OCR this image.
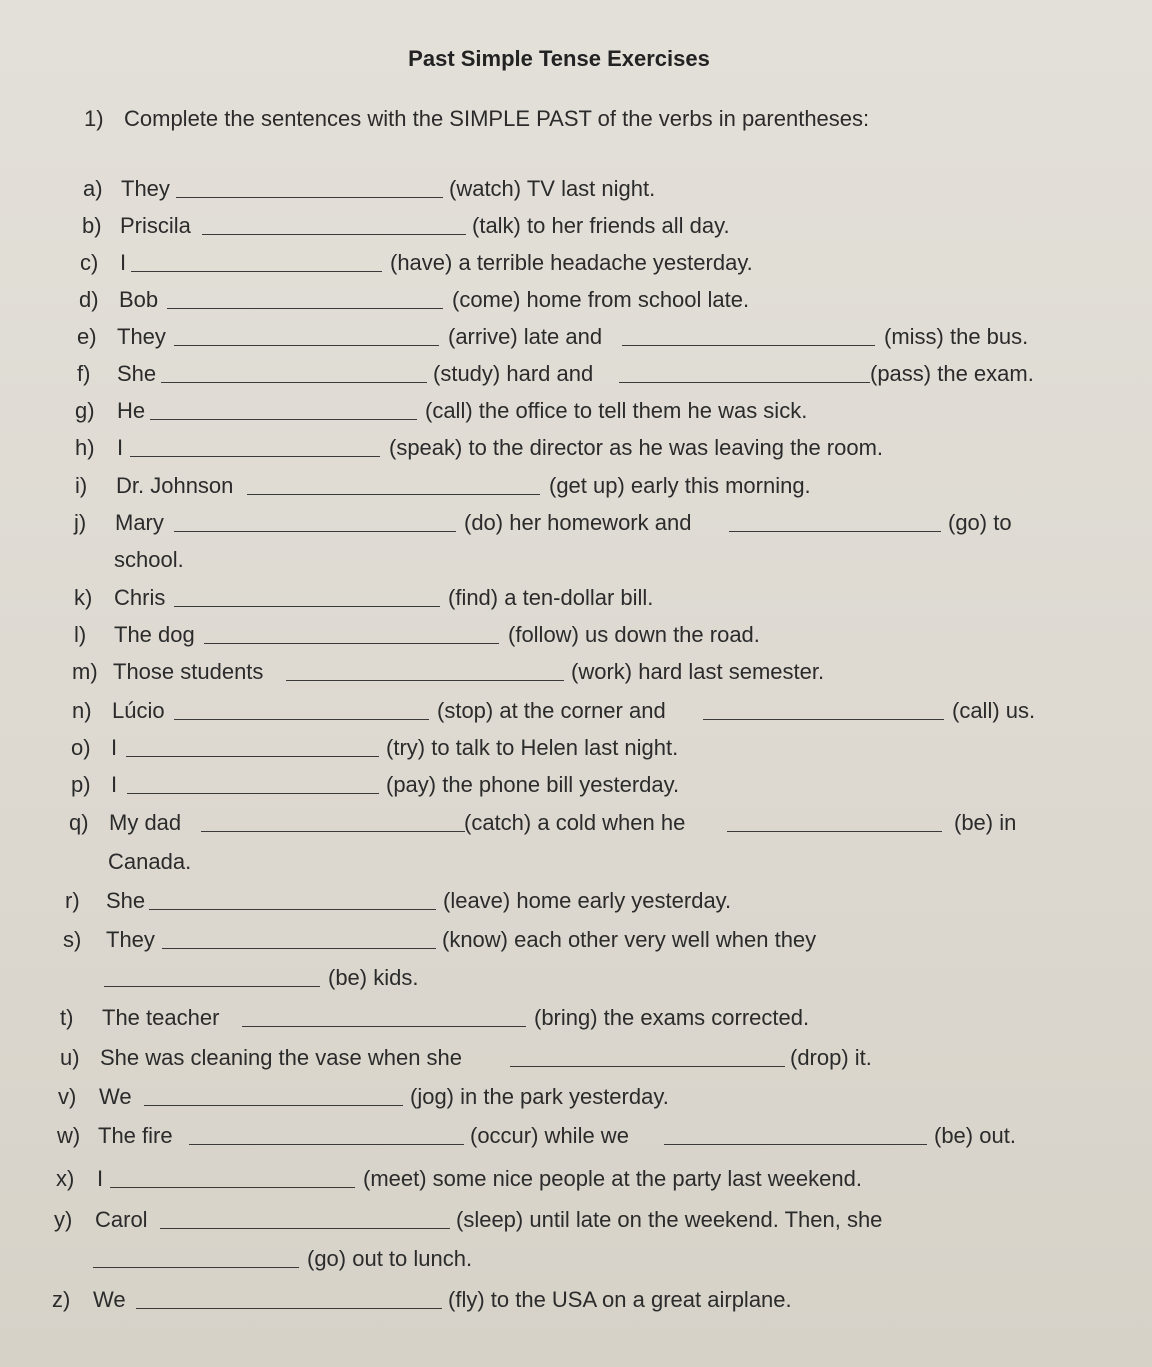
Past Simple Tense Exercises
1) Complete the sentences with the SIMPLE PAST of the verbs in parentheses:
a) They	(watch) TV last night.
b) Priscila	(talk) to her friends all day.
c) I	(have) a terrible headache yesterday.
d) Bob	(come) home from school late.
e) They	(arrive) late and	(miss) the bus.
f) She	(study) hard and	(pass) the exam.
g) He	(call) the office to tell them he was sick.
h) I	(speak) to the director as he was leaving the room.
i) Dr. Johnson	(get up) early this morning.
j) Mary	(do) her homework and	(go) to
school.
k) Chris	(find) a ten-dollar bill.
l) The dog	(follow) us down the road.
m) Those students	(work) hard last semester.
n) Lúcio	(stop) at the corner and	(call) us.
o) I	(try) to talk to Helen last night.
p) I	(pay) the phone bill yesterday.
q) My dad	(catch) a cold when he	(be) in
Canada.
r) She	(leave) home early yesterday.
s) They	(know) each other very well when they
(be) kids.
t) The teacher	(bring) the exams corrected.
u) She was cleaning the vase when she	(drop) it.
v) We	(jog) in the park yesterday.
w) The fire	(occur) while we	(be) out.
x) I	(meet) some nice people at the party last weekend.
y) Carol	(sleep) until late on the weekend. Then, she
(go) out to lunch.
z) We	(fly) to the USA on a great airplane.
